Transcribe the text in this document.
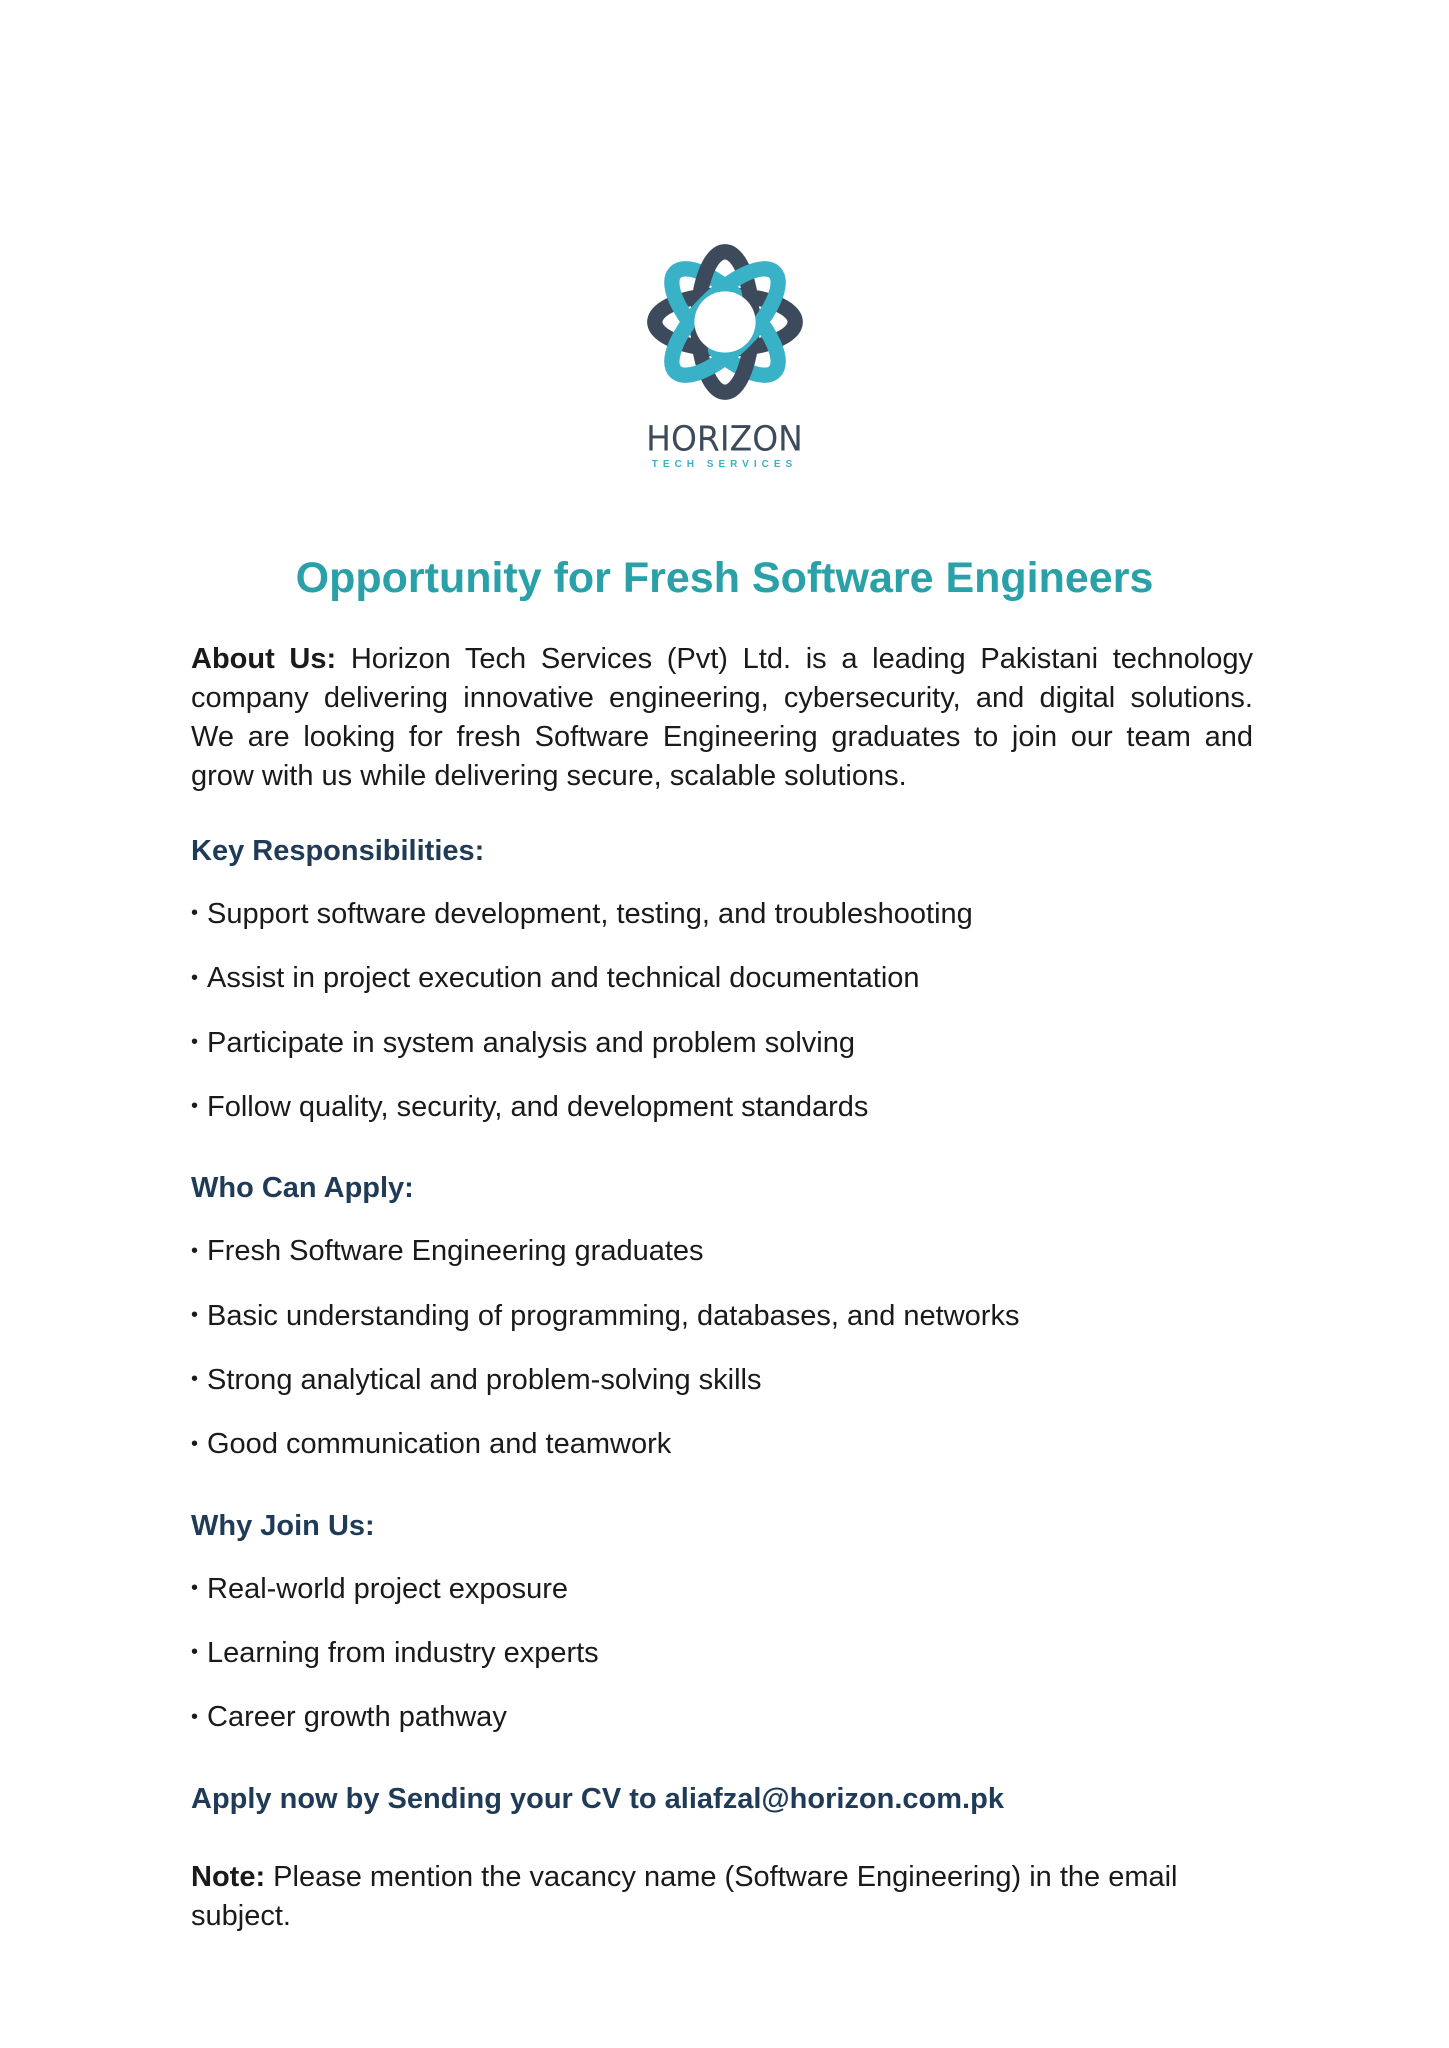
HORIZON
TECH SERVICES
Opportunity for Fresh Software Engineers

About Us: Horizon Tech Services (Pvt) Ltd. is a leading Pakistani technology company delivering innovative engineering, cybersecurity, and digital solutions. We are looking for fresh Software Engineering graduates to join our team and grow with us while delivering secure, scalable solutions.

Key Responsibilities:
• Support software development, testing, and troubleshooting
• Assist in project execution and technical documentation
• Participate in system analysis and problem solving
• Follow quality, security, and development standards
Who Can Apply:
• Fresh Software Engineering graduates
• Basic understanding of programming, databases, and networks
• Strong analytical and problem-solving skills
• Good communication and teamwork
Why Join Us:
• Real-world project exposure
• Learning from industry experts
• Career growth pathway
Apply now by Sending your CV to aliafzal@horizon.com.pk

Note: Please mention the vacancy name (Software Engineering) in the email subject.
